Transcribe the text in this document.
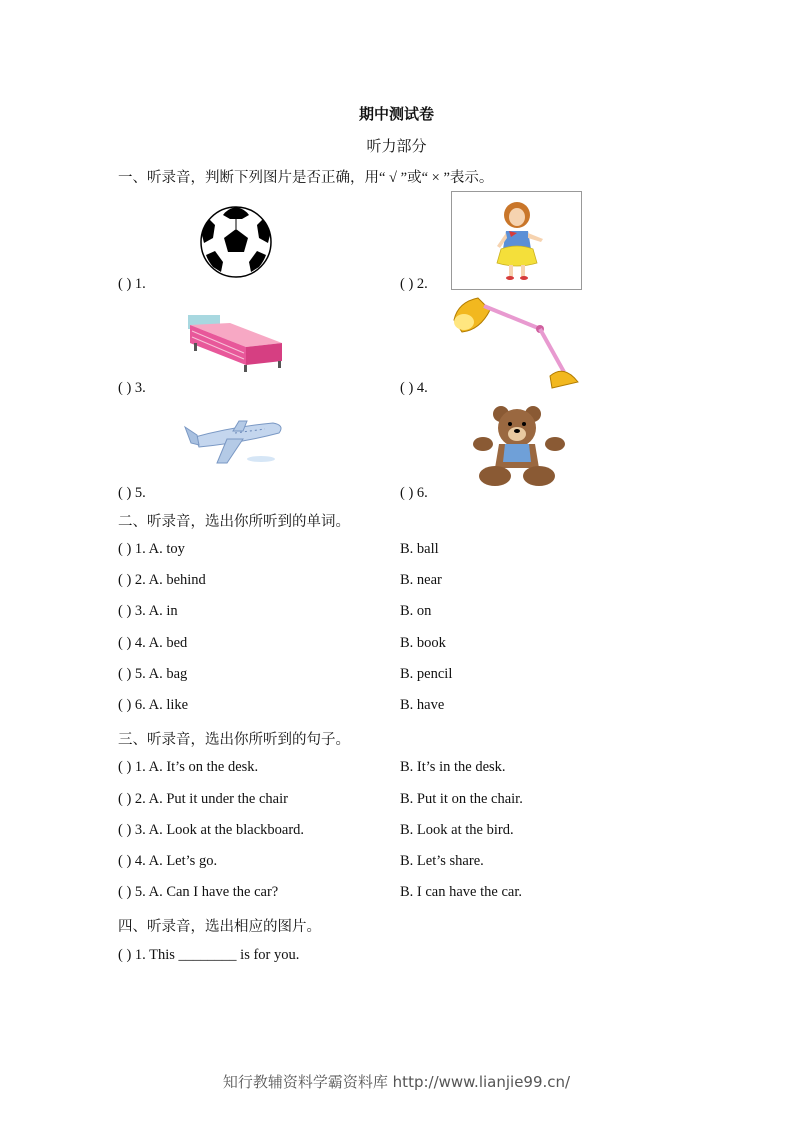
期中测试卷
听力部分
一、听录音，判断下列图片是否正确，用“ √ ”或“ × ”表示。
( ) 1.	( ) 2.
( ) 3.	( ) 4.
( ) 5.	( ) 6.
二、听录音，选出你所听到的单词。
( ) 1. A. toy	B. ball
( ) 2. A. behind	B. near
( ) 3. A. in	B. on
( ) 4. A. bed	B. book
( ) 5. A. bag	B. pencil
( ) 6. A. like	B. have
三、听录音，选出你所听到的句子。
( ) 1. A. It’s on the desk.	B. It’s in the desk.
( ) 2. A. Put it under the chair	B. Put it on the chair.
( ) 3. A. Look at the blackboard.	B. Look at the bird.
( ) 4. A. Let’s go.	B. Let’s share.
( ) 5. A. Can I have the car?	B. I can have the car.
四、听录音，选出相应的图片。
( ) 1. This ________ is for you.
知行教辅资料学霸资料库 http://www.lianjie99.cn/
